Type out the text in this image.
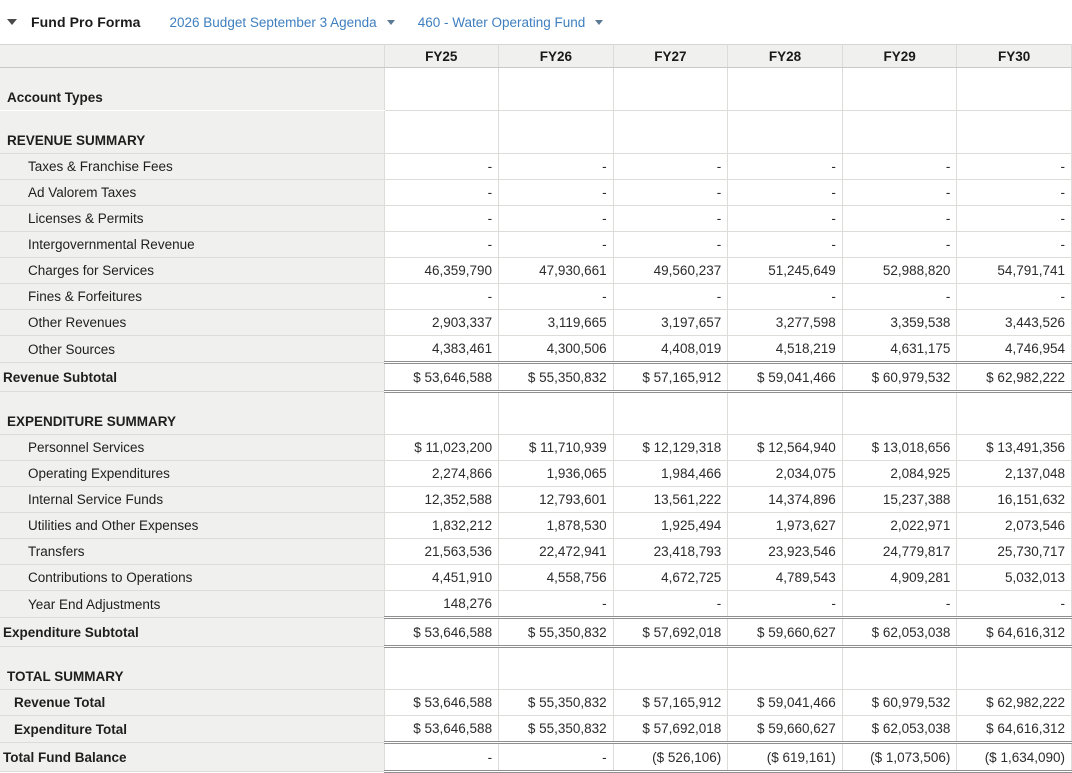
Fund Pro Forma 2026 Budget September 3 Agenda	460 - Water Operating Fund
	FY25	FY26	FY27	FY28	FY29	FY30
Account Types						
REVENUE SUMMARY						
Taxes & Franchise Fees	-	-	-	-	-	-
Ad Valorem Taxes	-	-	-	-	-	-
Licenses & Permits	-	-	-	-	-	-
Intergovernmental Revenue	-	-	-	-	-	-
Charges for Services	46,359,790	47,930,661	49,560,237	51,245,649	52,988,820	54,791,741
Fines & Forfeitures	-	-	-	-	-	-
Other Revenues	2,903,337	3,119,665	3,197,657	3,277,598	3,359,538	3,443,526
Other Sources	4,383,461	4,300,506	4,408,019	4,518,219	4,631,175	4,746,954
Revenue Subtotal	$ 53,646,588	$ 55,350,832	$ 57,165,912	$ 59,041,466	$ 60,979,532	$ 62,982,222
EXPENDITURE SUMMARY						
Personnel Services	$ 11,023,200	$ 11,710,939	$ 12,129,318	$ 12,564,940	$ 13,018,656	$ 13,491,356
Operating Expenditures	2,274,866	1,936,065	1,984,466	2,034,075	2,084,925	2,137,048
Internal Service Funds	12,352,588	12,793,601	13,561,222	14,374,896	15,237,388	16,151,632
Utilities and Other Expenses	1,832,212	1,878,530	1,925,494	1,973,627	2,022,971	2,073,546
Transfers	21,563,536	22,472,941	23,418,793	23,923,546	24,779,817	25,730,717
Contributions to Operations	4,451,910	4,558,756	4,672,725	4,789,543	4,909,281	5,032,013
Year End Adjustments	148,276	-	-	-	-	-
Expenditure Subtotal	$ 53,646,588	$ 55,350,832	$ 57,692,018	$ 59,660,627	$ 62,053,038	$ 64,616,312
TOTAL SUMMARY						
Revenue Total	$ 53,646,588	$ 55,350,832	$ 57,165,912	$ 59,041,466	$ 60,979,532	$ 62,982,222
Expenditure Total	$ 53,646,588	$ 55,350,832	$ 57,692,018	$ 59,660,627	$ 62,053,038	$ 64,616,312
Total Fund Balance	-	-	($ 526,106)	($ 619,161)	($ 1,073,506)	($ 1,634,090)
